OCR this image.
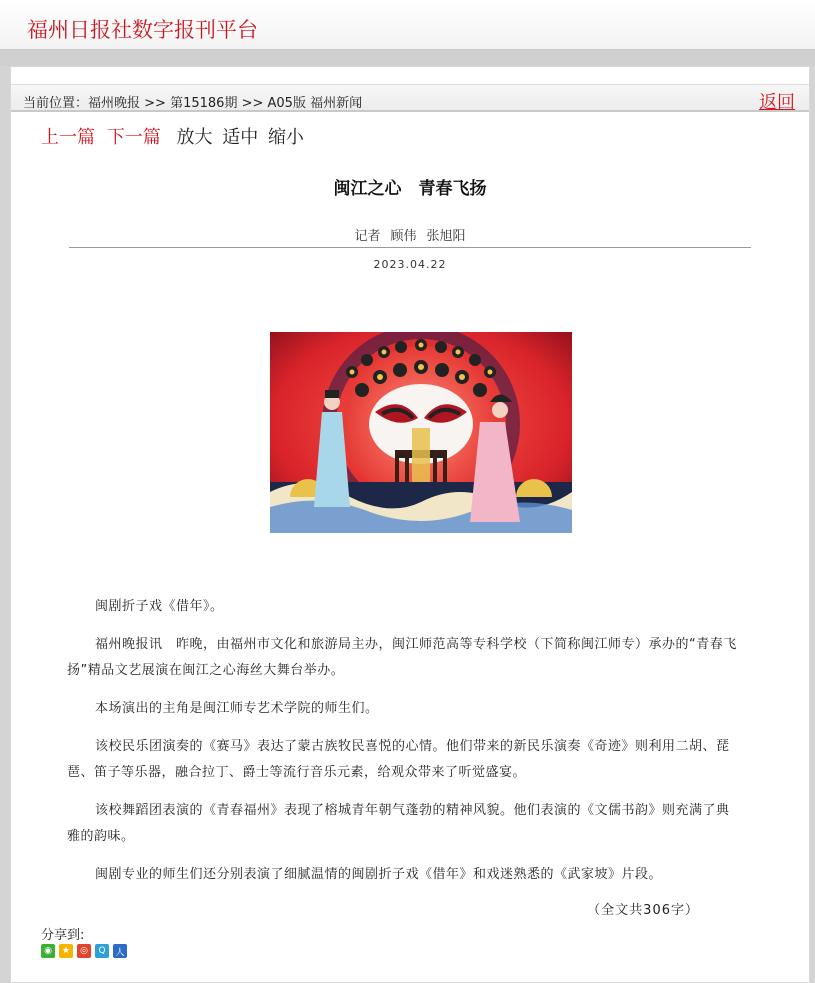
福州日报社数字报刊平台
当前位置：福州晚报 >> 第15186期 >> A05版 福州新闻	返回
上一篇 下一篇 放大 适中 缩小
闽江之心　青春飞扬
记者 顾伟 张旭阳
2023.04.22

闽剧折子戏《借年》。

福州晚报讯　昨晚，由福州市文化和旅游局主办，闽江师范高等专科学校（下简称闽江师专）承办的“青春飞扬”精品文艺展演在闽江之心海丝大舞台举办。

本场演出的主角是闽江师专艺术学院的师生们。

该校民乐团演奏的《赛马》表达了蒙古族牧民喜悦的心情。他们带来的新民乐演奏《奇迹》则利用二胡、琵琶、笛子等乐器，融合拉丁、爵士等流行音乐元素，给观众带来了听觉盛宴。

该校舞蹈团表演的《青春福州》表现了榕城青年朝气蓬勃的精神风貌。他们表演的《文儒书韵》则充满了典雅的韵味。

闽剧专业的师生们还分别表演了细腻温情的闽剧折子戏《借年》和戏迷熟悉的《武家坡》片段。

（全文共306字）
分享到:
◉	★	◎	Q	人
